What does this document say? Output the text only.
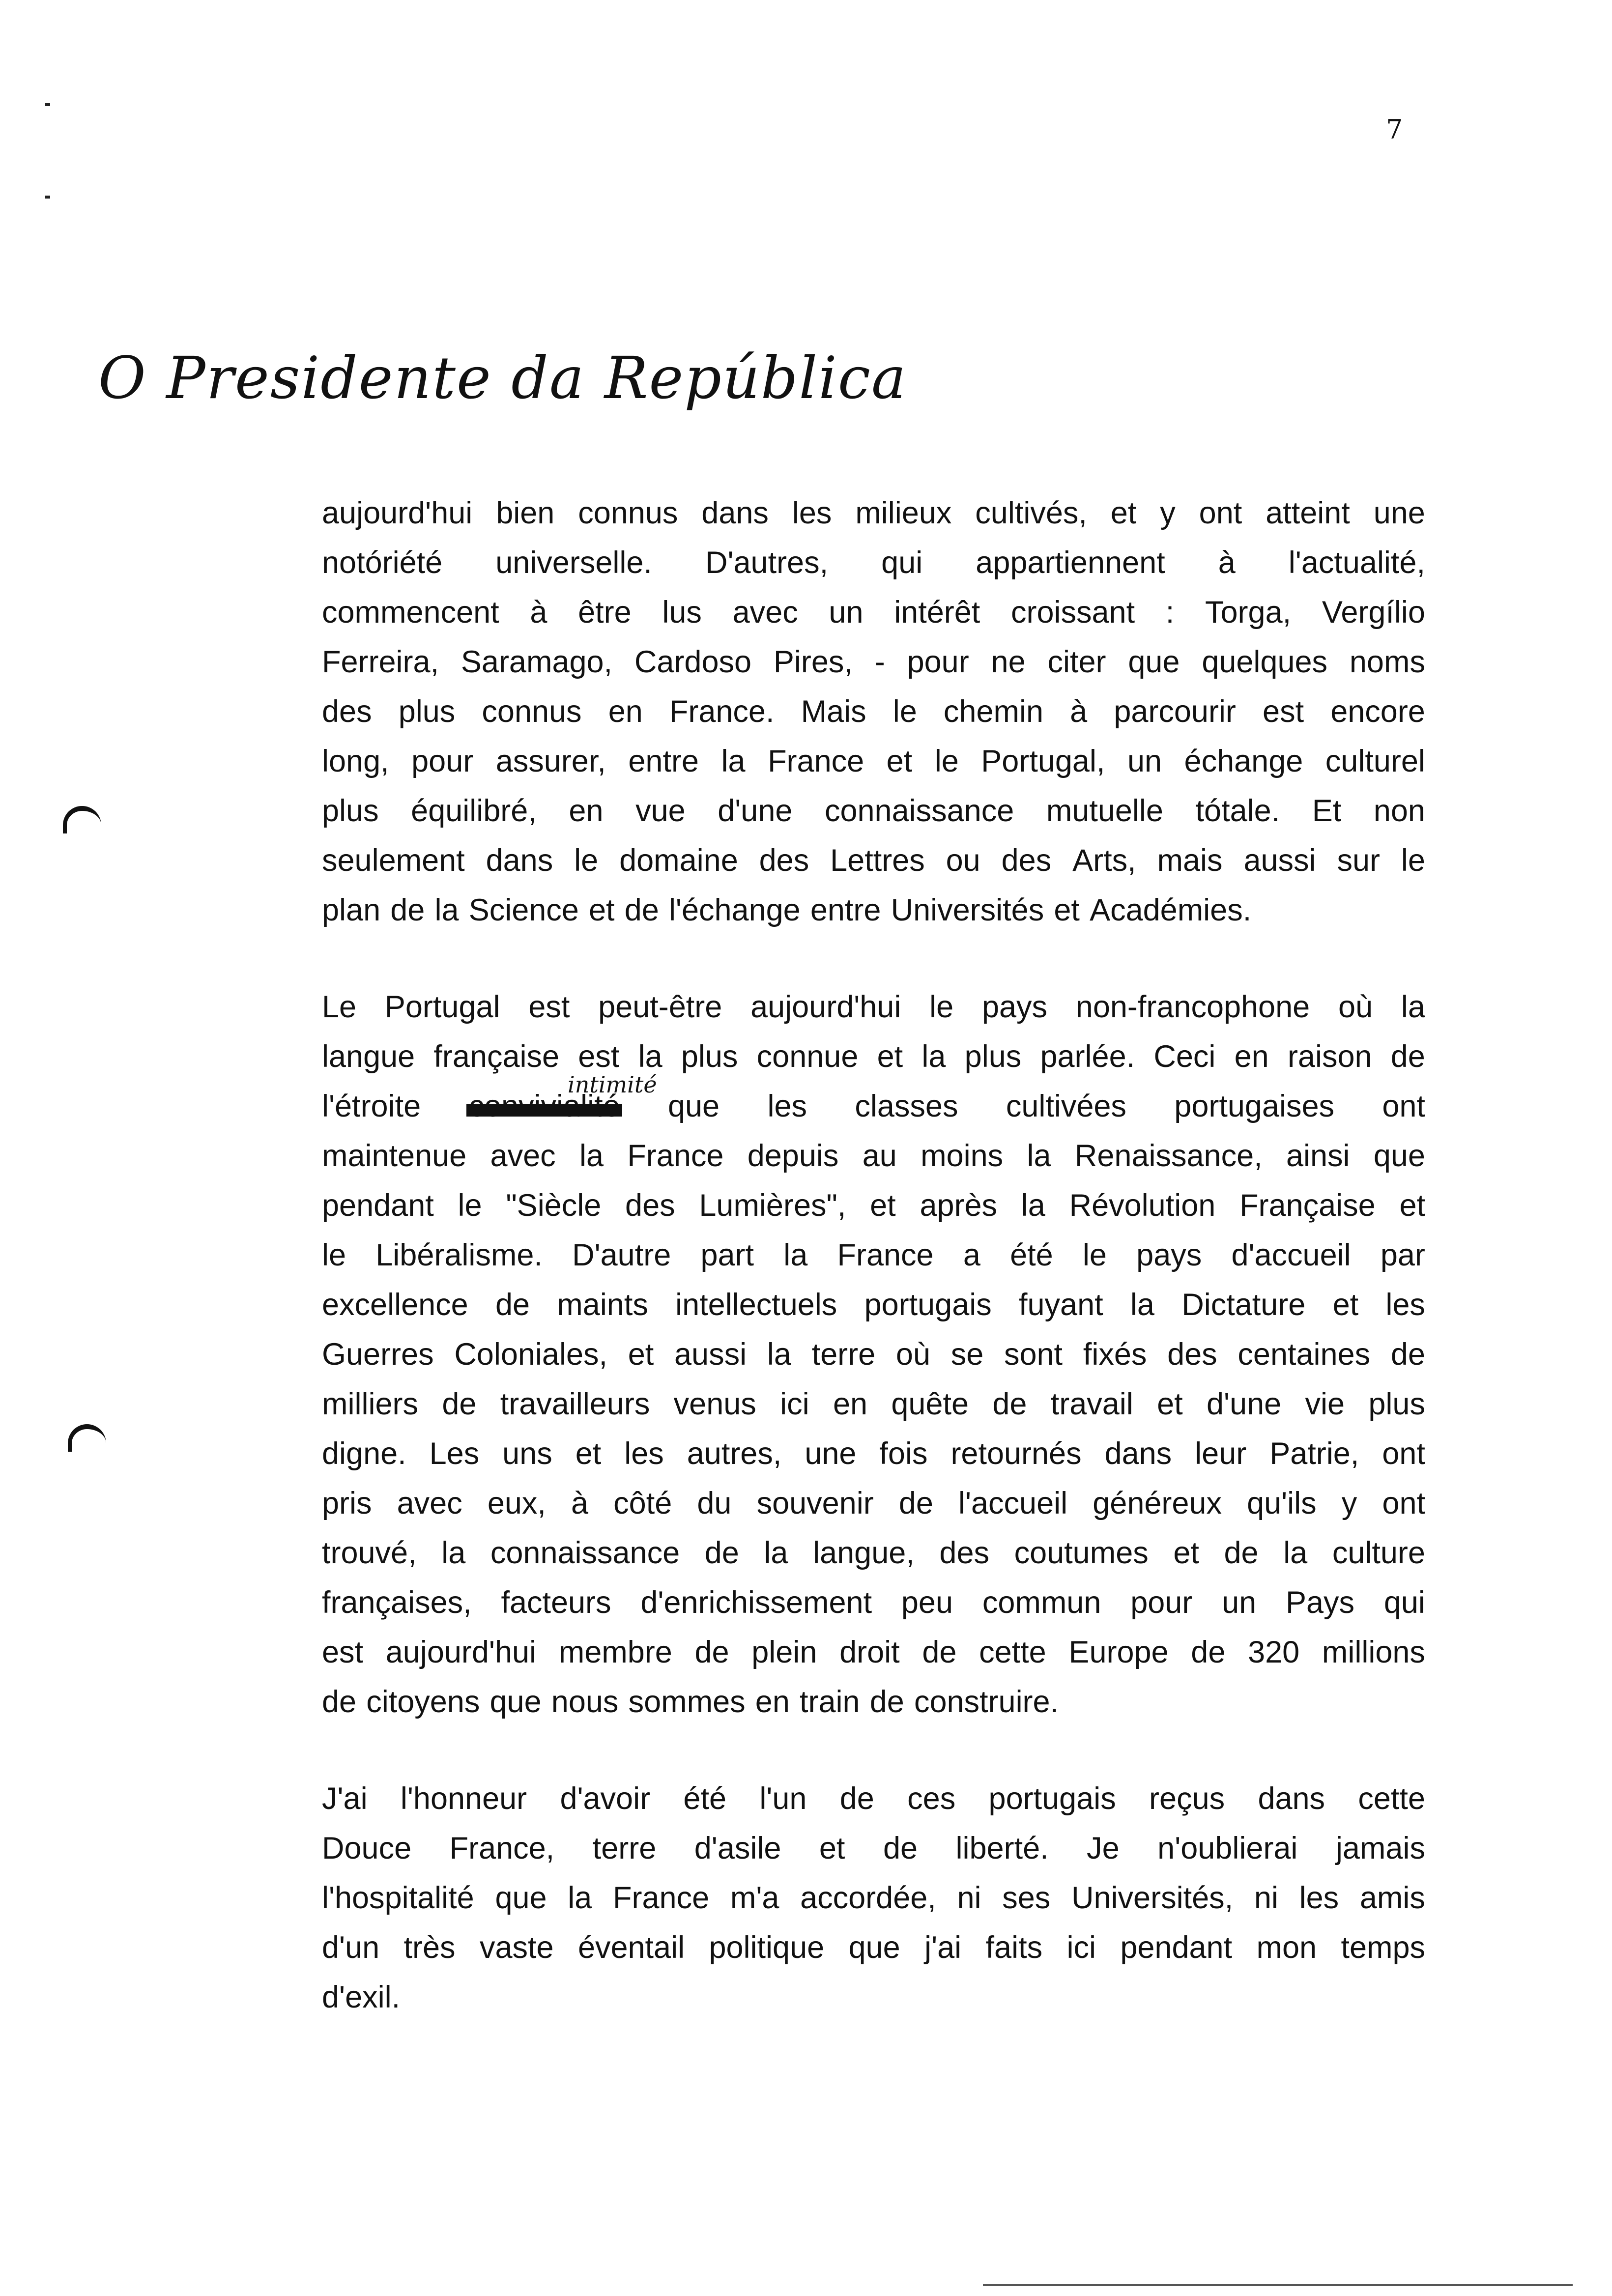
7
O Presidente da República
aujourd'hui bien connus dans les milieux cultivés, et y ont atteint une
notóriété universelle. D'autres, qui appartiennent à l'actualité,
commencent à être lus avec un intérêt croissant : Torga, Vergílio
Ferreira, Saramago, Cardoso Pires, - pour ne citer que quelques noms
des plus connus en France. Mais le chemin à parcourir est encore
long, pour assurer, entre la France et le Portugal, un échange culturel
plus équilibré, en vue d'une connaissance mutuelle tótale. Et non
seulement dans le domaine des Lettres ou des Arts, mais aussi sur le
plan de la Science et de l'échange entre Universités et Académies.
Le Portugal est peut-être aujourd'hui le pays non-francophone où la
langue française est la plus connue et la plus parlée. Ceci en raison de
l'étroite
intimité
que les classes cultivées portugaises ont
maintenue avec la France depuis au moins la Renaissance, ainsi que
pendant le "Siècle des Lumières", et après la Révolution Française et
le Libéralisme. D'autre part la France a été le pays d'accueil par
excellence de maints intellectuels portugais fuyant la Dictature et les
Guerres Coloniales, et aussi la terre où se sont fixés des centaines de
milliers de travailleurs venus ici en quête de travail et d'une vie plus
digne. Les uns et les autres, une fois retournés dans leur Patrie, ont
pris avec eux, à côté du souvenir de l'accueil généreux qu'ils y ont
trouvé, la connaissance de la langue, des coutumes et de la culture
françaises, facteurs d'enrichissement peu commun pour un Pays qui
est aujourd'hui membre de plein droit de cette Europe de 320 millions
de citoyens que nous sommes en train de construire.
J'ai l'honneur d'avoir été l'un de ces portugais reçus dans cette
Douce France, terre d'asile et de liberté. Je n'oublierai jamais
l'hospitalité que la France m'a accordée, ni ses Universités, ni les amis
d'un très vaste éventail politique que j'ai faits ici pendant mon temps
d'exil.
